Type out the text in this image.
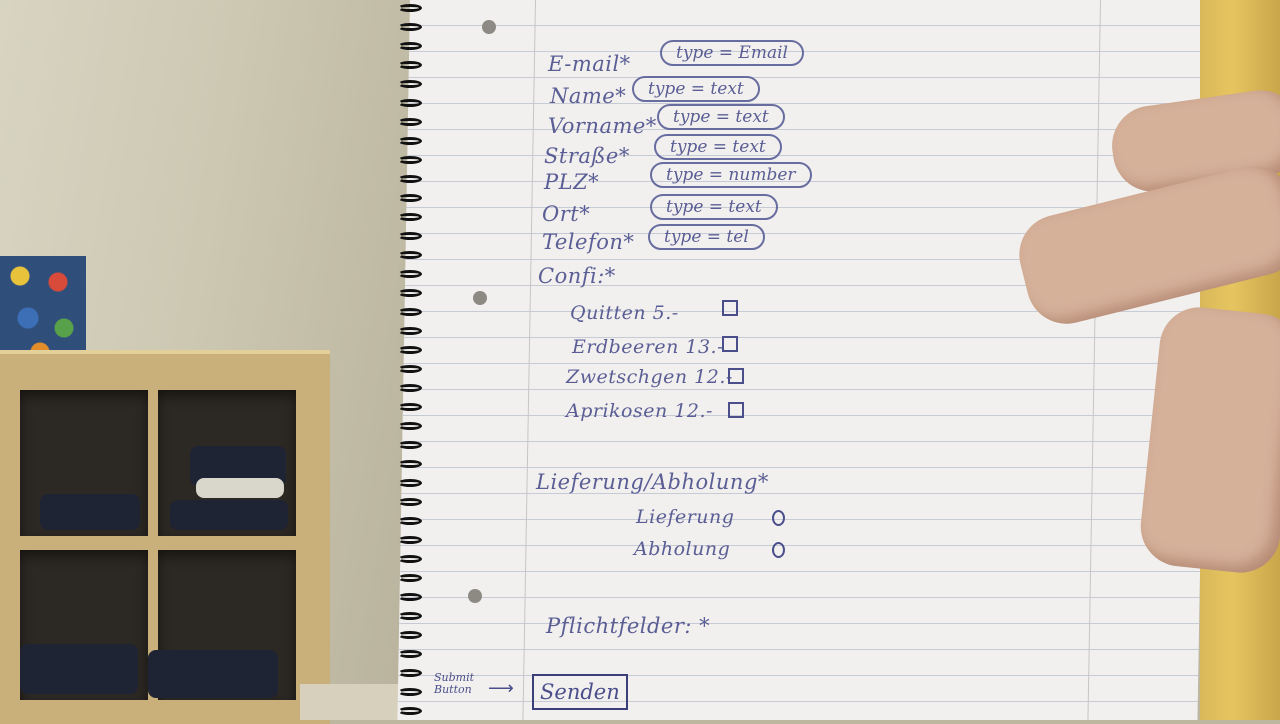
E-mail*	type = Email
Name*	type = text
Vorname* type = text
Straße*	type = text
PLZ*	type = number
Ort*	type = text
Telefon*	type = tel
Confi:*
Quitten 5.-
Erdbeeren 13.-
Zwetschgen 12.-
Aprikosen 12.-
Lieferung/Abholung*
Lieferung
Abholung
Pflichtfelder: *
Submit
Button ⟶	Senden
